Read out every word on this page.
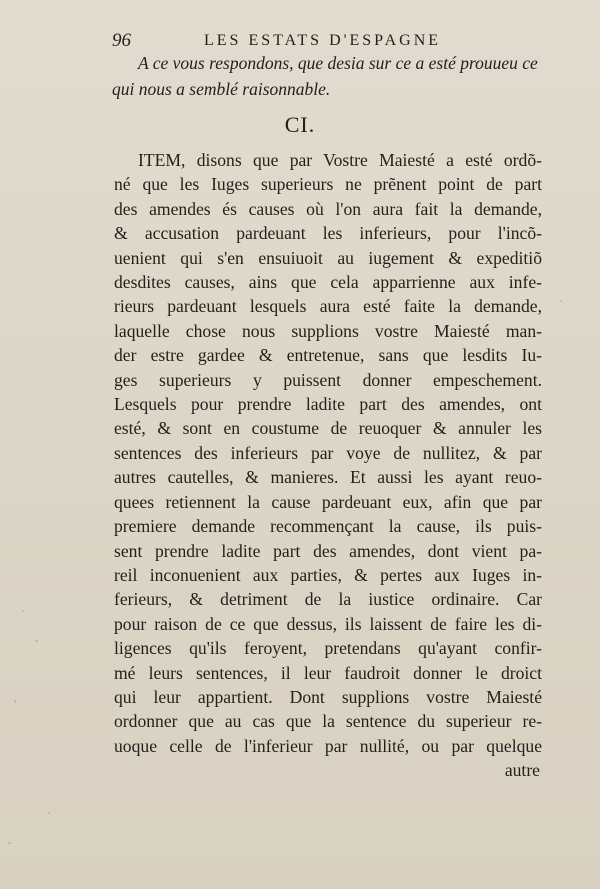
96	LES ESTATS D'ESPAGNE
A ce vous respondons, que desia sur ce a esté prouueu ce
qui nous a semblé raisonnable.
CI.
ITEM, disons que par Vostre Maiesté a esté ordõ-
né que les Iuges superieurs ne prẽnent point de part
des amendes és causes où l'on aura fait la demande,
& accusation pardeuant les inferieurs, pour l'incõ-
uenient qui s'en ensuiuoit au iugement & expeditiõ
desdites causes, ains que cela apparrienne aux infe-
rieurs pardeuant lesquels aura esté faite la demande,
laquelle chose nous supplions vostre Maiesté man-
der estre gardee & entretenue, sans que lesdits Iu-
ges superieurs y puissent donner empeschement.
Lesquels pour prendre ladite part des amendes, ont
esté, & sont en coustume de reuoquer & annuler les
sentences des inferieurs par voye de nullitez, & par
autres cautelles, & manieres. Et aussi les ayant reuo-
quees retiennent la cause pardeuant eux, afin que par
premiere demande recommençant la cause, ils puis-
sent prendre ladite part des amendes, dont vient pa-
reil inconuenient aux parties, & pertes aux Iuges in-
ferieurs, & detriment de la iustice ordinaire. Car
pour raison de ce que dessus, ils laissent de faire les di-
ligences qu'ils feroyent, pretendans qu'ayant confir-
mé leurs sentences, il leur faudroit donner le droict
qui leur appartient. Dont supplions vostre Maiesté
ordonner que au cas que la sentence du superieur re-
uoque celle de l'inferieur par nullité, ou par quelque
autre
